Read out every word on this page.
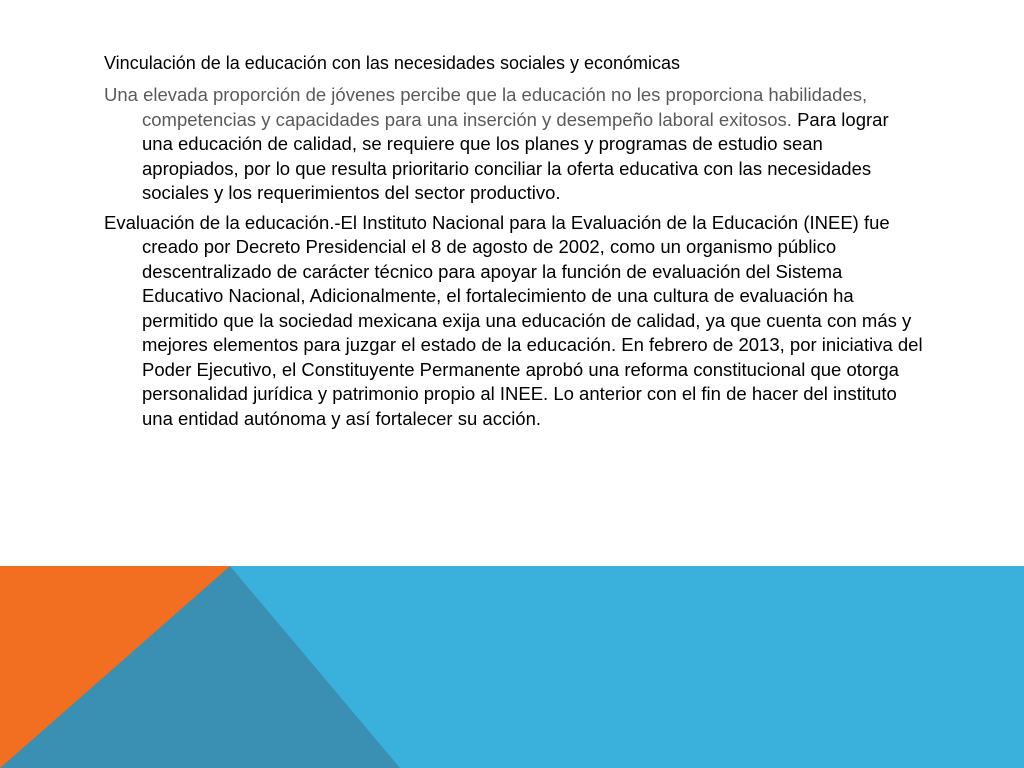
Vinculación de la educación con las necesidades sociales y económicas

Una elevada proporción de jóvenes percibe que la educación no les proporciona habilidades, competencias y capacidades para una inserción y desempeño laboral exitosos. Para lograr una educación de calidad, se requiere que los planes y programas de estudio sean apropiados, por lo que resulta prioritario conciliar la oferta educativa con las necesidades sociales y los requerimientos del sector productivo.

Evaluación de la educación.-El Instituto Nacional para la Evaluación de la Educación (INEE) fue creado por Decreto Presidencial el 8 de agosto de 2002, como un organismo público descentralizado de carácter técnico para apoyar la función de evaluación del Sistema Educativo Nacional, Adicionalmente, el fortalecimiento de una cultura de evaluación ha permitido que la sociedad mexicana exija una educación de calidad, ya que cuenta con más y mejores elementos para juzgar el estado de la educación. En febrero de 2013, por iniciativa del Poder Ejecutivo, el Constituyente Permanente aprobó una reforma constitucional que otorga personalidad jurídica y patrimonio propio al INEE. Lo anterior con el fin de hacer del instituto una entidad autónoma y así fortalecer su acción.
